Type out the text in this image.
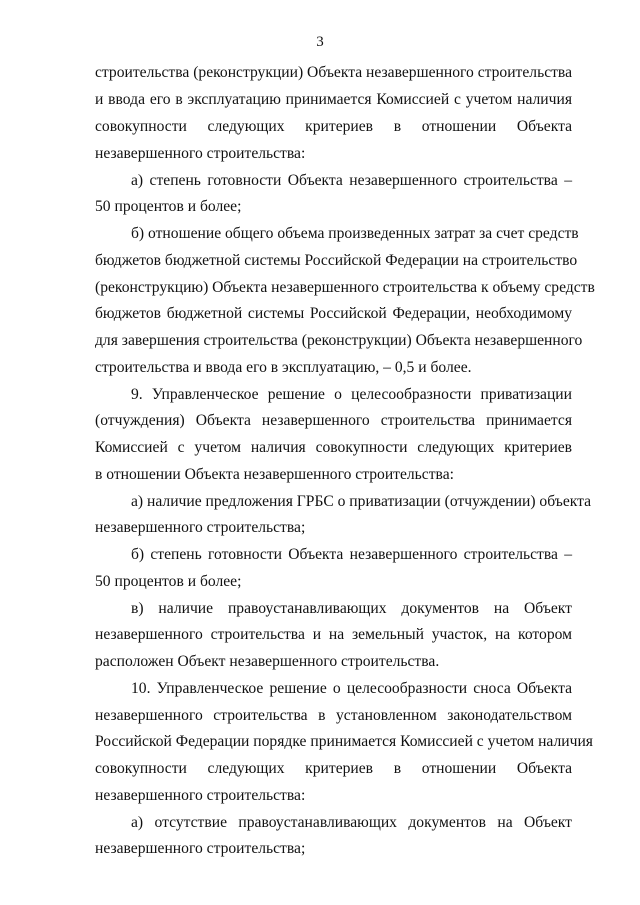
3
строительства (реконструкции) Объекта незавершенного строительства
и ввода его в эксплуатацию принимается Комиссией с учетом наличия
совокупности следующих критериев в отношении Объекта
незавершенного строительства:
а) степень готовности Объекта незавершенного строительства –
50 процентов и более;
б) отношение общего объема произведенных затрат за счет средств
бюджетов бюджетной системы Российской Федерации на строительство
(реконструкцию) Объекта незавершенного строительства к объему средств
бюджетов бюджетной системы Российской Федерации, необходимому
для завершения строительства (реконструкции) Объекта незавершенного
строительства и ввода его в эксплуатацию, – 0,5 и более.
9. Управленческое решение о целесообразности приватизации
(отчуждения) Объекта незавершенного строительства принимается
Комиссией с учетом наличия совокупности следующих критериев
в отношении Объекта незавершенного строительства:
а) наличие предложения ГРБС о приватизации (отчуждении) объекта
незавершенного строительства;
б) степень готовности Объекта незавершенного строительства –
50 процентов и более;
в) наличие правоустанавливающих документов на Объект
незавершенного строительства и на земельный участок, на котором
расположен Объект незавершенного строительства.
10. Управленческое решение о целесообразности сноса Объекта
незавершенного строительства в установленном законодательством
Российской Федерации порядке принимается Комиссией с учетом наличия
совокупности следующих критериев в отношении Объекта
незавершенного строительства:
а) отсутствие правоустанавливающих документов на Объект
незавершенного строительства;
